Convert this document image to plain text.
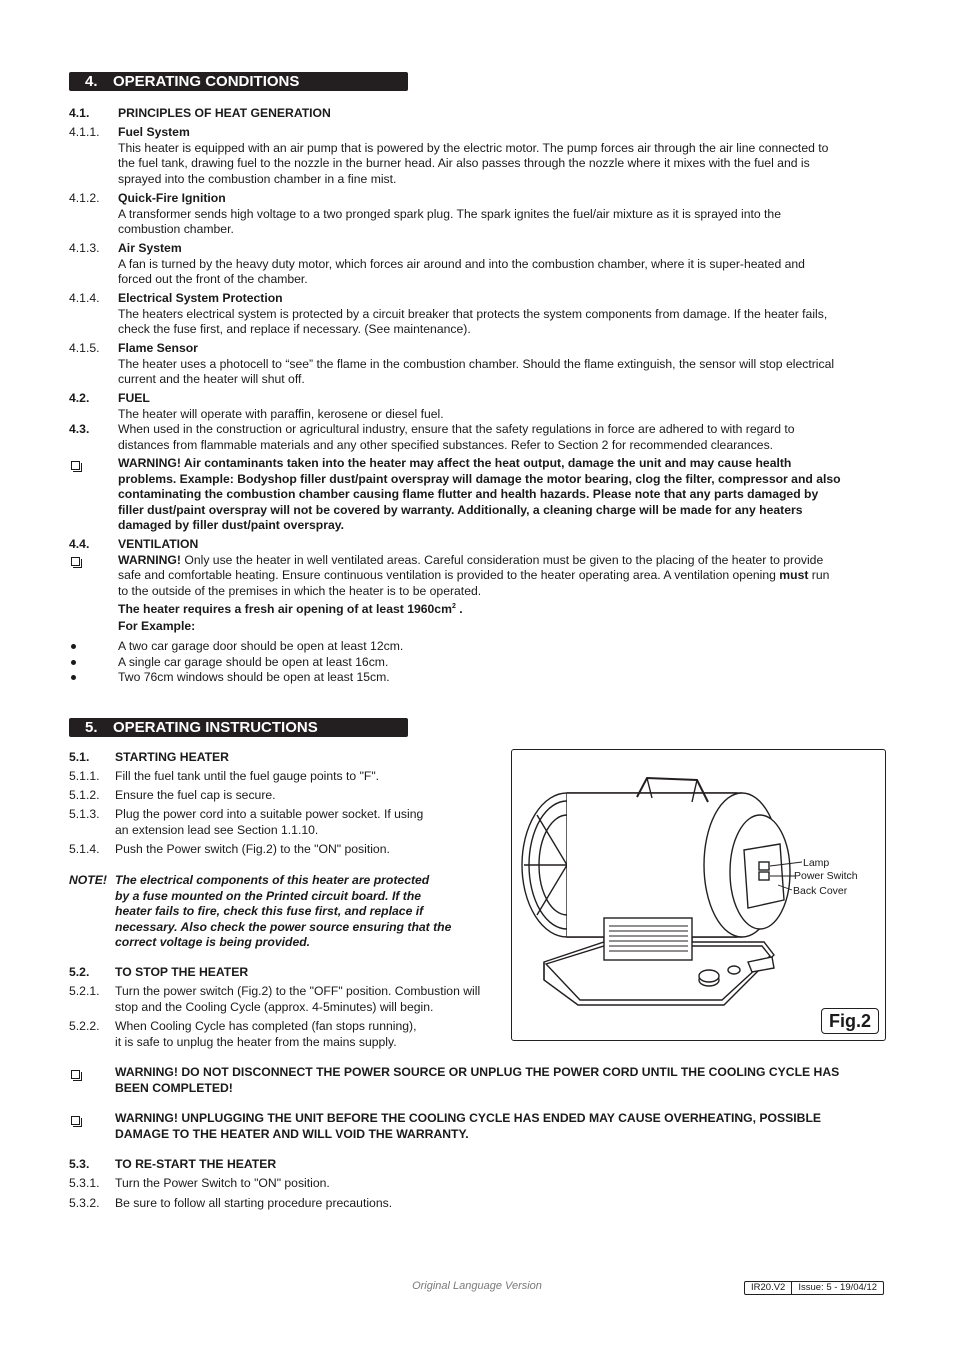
4. OPERATING CONDITIONS
4.1. PRINCIPLES OF HEAT GENERATION
4.1.1. Fuel System
This heater is equipped with an air pump that is powered by the electric motor. The pump forces air through the air line connected to
the fuel tank, drawing fuel to the nozzle in the burner head. Air also passes through the nozzle where it mixes with the fuel and is
sprayed into the combustion chamber in a fine mist.
4.1.2. Quick-Fire Ignition
A transformer sends high voltage to a two pronged spark plug. The spark ignites the fuel/air mixture as it is sprayed into the
combustion chamber.
4.1.3. Air System
A fan is turned by the heavy duty motor, which forces air around and into the combustion chamber, where it is super-heated and
forced out the front of the chamber.
4.1.4. Electrical System Protection
The heaters electrical system is protected by a circuit breaker that protects the system components from damage. If the heater fails,
check the fuse first, and replace if necessary. (See maintenance).
4.1.5. Flame Sensor
The heater uses a photocell to “see” the flame in the combustion chamber. Should the flame extinguish, the sensor will stop electrical
current and the heater will shut off.
4.2. FUEL
The heater will operate with paraffin, kerosene or diesel fuel.
4.3. When used in the construction or agricultural industry, ensure that the safety regulations in force are adhered to with regard to
distances from flammable materials and any other specified substances. Refer to Section 2 for recommended clearances.
WARNING! Air contaminants taken into the heater may affect the heat output, damage the unit and may cause health
problems. Example: Bodyshop filler dust/paint overspray will damage the motor bearing, clog the filter, compressor and also
contaminating the combustion chamber causing flame flutter and health hazards. Please note that any parts damaged by
filler dust/paint overspray will not be covered by warranty. Additionally, a cleaning charge will be made for any heaters
damaged by filler dust/paint overspray.
4.4. VENTILATION
WARNING! Only use the heater in well ventilated areas. Careful consideration must be given to the placing of the heater to provide
safe and comfortable heating. Ensure continuous ventilation is provided to the heater operating area. A ventilation opening must run
to the outside of the premises in which the heater is to be operated.
The heater requires a fresh air opening of at least $1960cm^2$ .
For Example:
A two car garage door should be open at least 12cm.
A single car garage should be open at least 16cm.
Two 76cm windows should be open at least 15cm.
5. OPERATING INSTRUCTIONS
5.1. STARTING HEATER
5.1.1. Fill the fuel tank until the fuel gauge points to "F".
5.1.2. Ensure the fuel cap is secure.
5.1.3. Plug the power cord into a suitable power socket. If using
an extension lead see Section 1.1.10.
5.1.4. Push the Power switch (Fig.2) to the "ON" position.
NOTE! The electrical components of this heater are protected
by a fuse mounted on the Printed circuit board. If the
heater fails to fire, check this fuse first, and replace if
necessary. Also check the power source ensuring that the
correct voltage is being provided.
5.2. TO STOP THE HEATER
5.2.1. Turn the power switch (Fig.2) to the "OFF" position. Combustion will
stop and the Cooling Cycle (approx. 4-5minutes) will begin.
5.2.2. When Cooling Cycle has completed (fan stops running),
it is safe to unplug the heater from the mains supply.
WARNING! DO NOT DISCONNECT THE POWER SOURCE OR UNPLUG THE POWER CORD UNTIL THE COOLING CYCLE HAS
BEEN COMPLETED!
WARNING! UNPLUGGING THE UNIT BEFORE THE COOLING CYCLE HAS ENDED MAY CAUSE OVERHEATING, POSSIBLE
DAMAGE TO THE HEATER AND WILL VOID THE WARRANTY.
5.3. TO RE-START THE HEATER
5.3.1. Turn the Power Switch to "ON" position.
5.3.2. Be sure to follow all starting procedure precautions.
Lamp
Power Switch
Back Cover
Fig.2
Original Language Version	IR20.V2	Issue: 5 - 19/04/12
